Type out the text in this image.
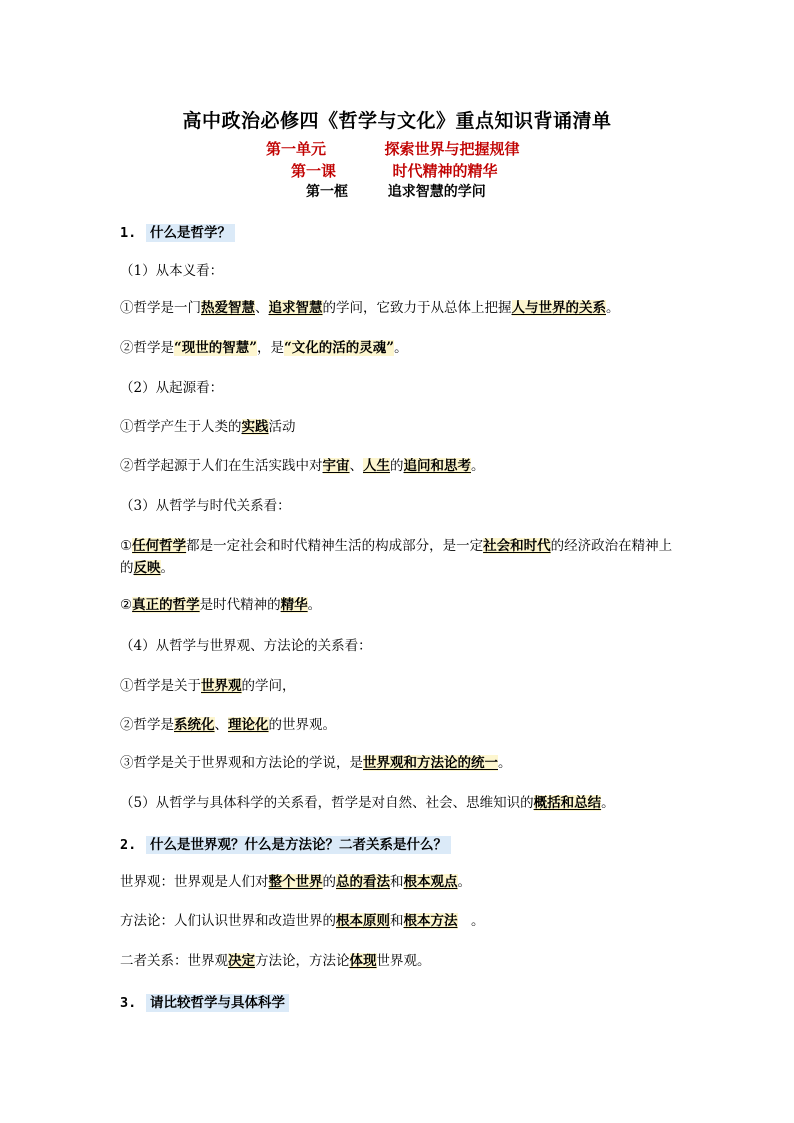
高中政治必修四《哲学与文化》重点知识背诵清单
第一单元	探索世界与把握规律
第一课	时代精神的精华
第一框	追求智慧的学问
1. 什么是哲学？
（1）从本义看：
①哲学是一门热爱智慧、追求智慧的学问，它致力于从总体上把握人与世界的关系。
②哲学是“现世的智慧”，是“文化的活的灵魂”。
（2）从起源看：
①哲学产生于人类的实践活动
②哲学起源于人们在生活实践中对宇宙、人生的追问和思考。
（3）从哲学与时代关系看：
①任何哲学都是一定社会和时代精神生活的构成部分，是一定社会和时代的经济政治在精神上的反映。
②真正的哲学是时代精神的精华。
（4）从哲学与世界观、方法论的关系看：
①哲学是关于世界观的学问，
②哲学是系统化、理论化的世界观。
③哲学是关于世界观和方法论的学说，是世界观和方法论的统一。
（5）从哲学与具体科学的关系看，哲学是对自然、社会、思维知识的概括和总结。
2. 什么是世界观？什么是方法论？二者关系是什么？
世界观：世界观是人们对整个世界的总的看法和根本观点。
方法论：人们认识世界和改造世界的根本原则和根本方法　。
二者关系：世界观决定方法论，方法论体现世界观。
3. 请比较哲学与具体科学
